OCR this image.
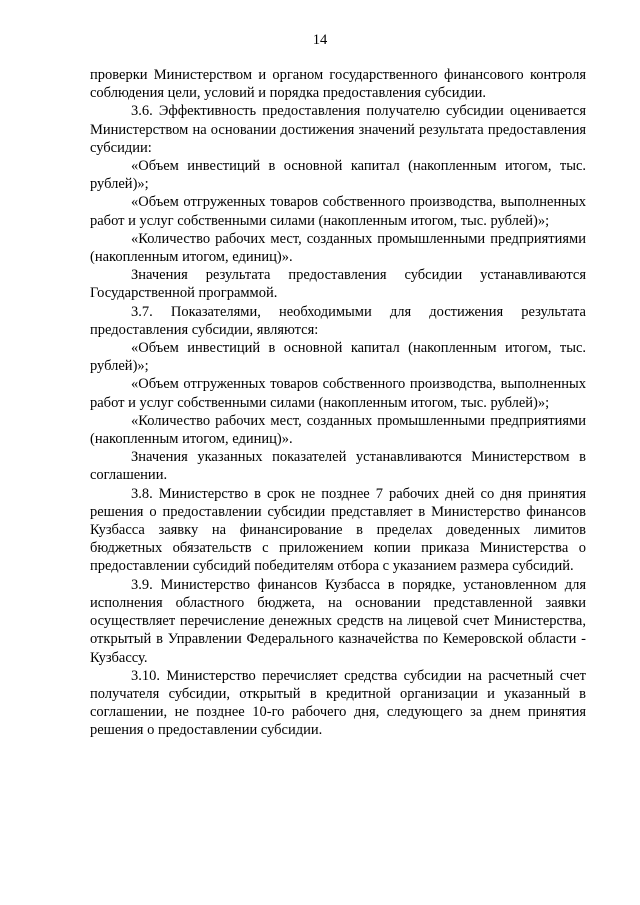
14

проверки Министерством и органом государственного финансового контроля соблюдения цели, условий и порядка предоставления субсидии.

3.6. Эффективность предоставления получателю субсидии оценивается Министерством на основании достижения значений результата предоставления субсидии:

«Объем инвестиций в основной капитал (накопленным итогом, тыс. рублей)»;

«Объем отгруженных товаров собственного производства, выполненных работ и услуг собственными силами (накопленным итогом, тыс. рублей)»;

«Количество рабочих мест, созданных промышленными предприятиями (накопленным итогом, единиц)».

Значения результата предоставления субсидии устанавливаются Государственной программой.

3.7. Показателями, необходимыми для достижения результата предоставления субсидии, являются:

«Объем инвестиций в основной капитал (накопленным итогом, тыс. рублей)»;

«Объем отгруженных товаров собственного производства, выполненных работ и услуг собственными силами (накопленным итогом, тыс. рублей)»;

«Количество рабочих мест, созданных промышленными предприятиями (накопленным итогом, единиц)».

Значения указанных показателей устанавливаются Министерством в соглашении.

3.8. Министерство в срок не позднее 7 рабочих дней со дня принятия решения о предоставлении субсидии представляет в Министерство финансов Кузбасса заявку на финансирование в пределах доведенных лимитов бюджетных обязательств с приложением копии приказа Министерства о предоставлении субсидий победителям отбора с указанием размера субсидий.

3.9. Министерство финансов Кузбасса в порядке, установленном для исполнения областного бюджета, на основании представленной заявки осуществляет перечисление денежных средств на лицевой счет Министерства, открытый в Управлении Федерального казначейства по Кемеровской области - Кузбассу.

3.10. Министерство перечисляет средства субсидии на расчетный счет получателя субсидии, открытый в кредитной организации и указанный в соглашении, не позднее 10-го рабочего дня, следующего за днем принятия решения о предоставлении субсидии.
